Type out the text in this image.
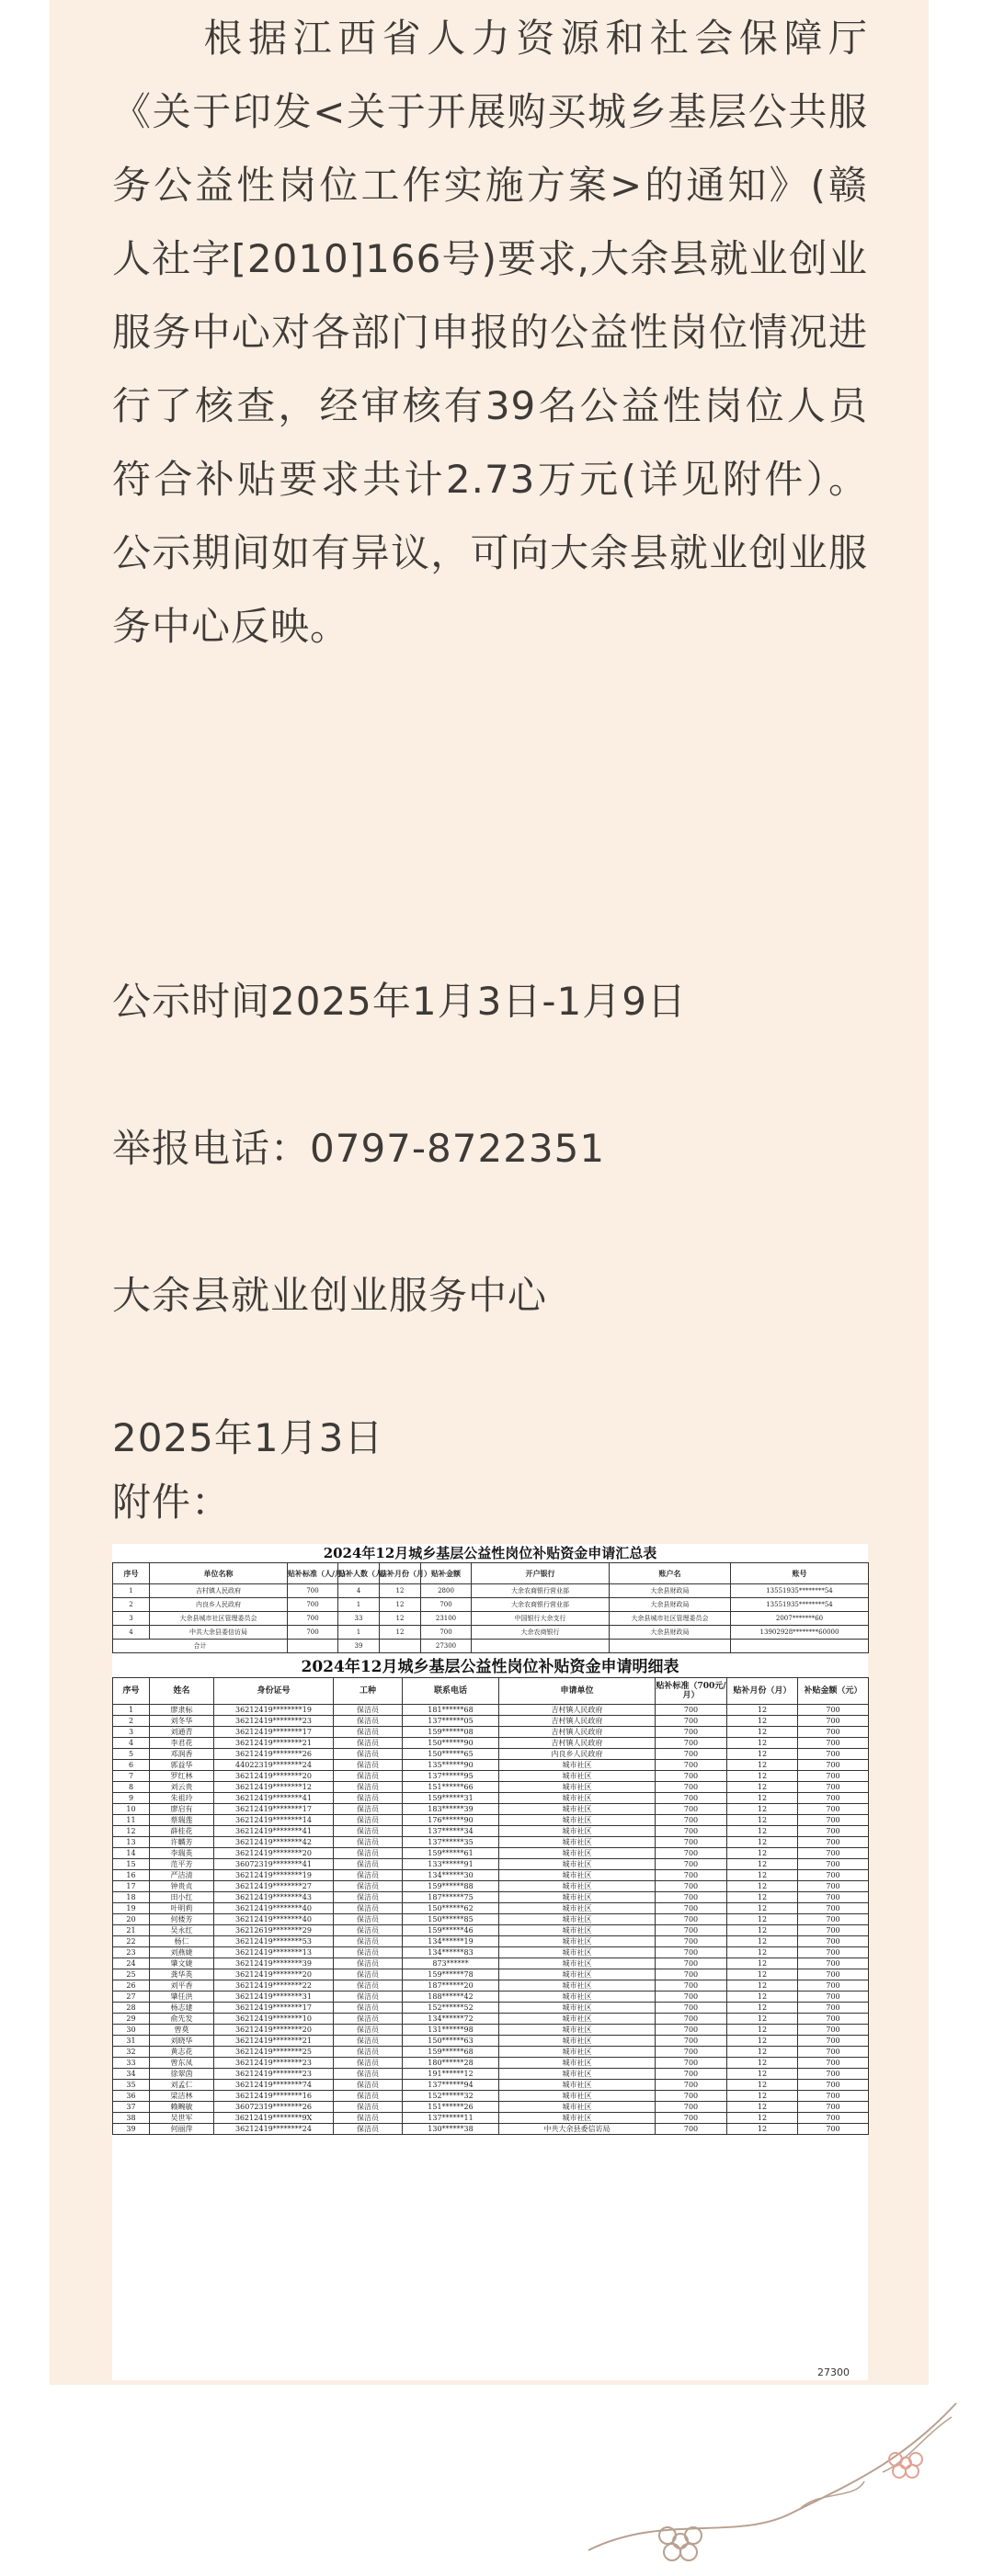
根据江西省人力资源和社会保障厅《关于印发<关于开展购买城乡基层公共服务公益性岗位工作实施方案>的通知》(赣人社字[2010]166号)要求,大余县就业创业服务中心对各部门申报的公益性岗位情况进行了核查，经审核有39名公益性岗位人员符合补贴要求共计2.73万元(详见附件）。公示期间如有异议，可向大余县就业创业服务中心反映。
公示时间2025年1月3日-1月9日
举报电话：0797-8722351
大余县就业创业服务中心
2025年1月3日
附件：
2024年12月城乡基层公益性岗位补贴资金申请汇总表
序号	单位名称	贴补标准（人/月）	贴补人数（人）	贴补月份（月）	贴补金额	开户银行	账户名	账号
1	吉村镇人民政府	700	4	12	2800	大余农商银行营业部	大余县财政局	13551935********54
2	内良乡人民政府	700	1	12	700	大余农商银行营业部	大余县财政局	13551935********54
3	大余县城市社区管理委员会	700	33	12	23100	中国银行大余支行	大余县城市社区管理委员会	2007*******60
4	中共大余县委信访局	700	1	12	700	大余农商银行	大余县财政局	13902928********60000
合计			39		27300			
2024年12月城乡基层公益性岗位补贴资金申请明细表
序号	姓名	身份证号	工种	联系电话	申请单位	贴补标准（700元/月）	贴补月份（月）	补贴金额（元）
1	廖隶标	36212419********19	保洁员	181******68	吉村镇人民政府	700	12	700
2	刘冬华	36212419********23	保洁员	137******05	吉村镇人民政府	700	12	700
3	刘通青	36212419********17	保洁员	159******08	吉村镇人民政府	700	12	700
4	李君花	36212419********21	保洁员	150******90	吉村镇人民政府	700	12	700
5	邓润香	36212419********26	保洁员	150******65	内良乡人民政府	700	12	700
6	郭益华	44022319********24	保洁员	135******90	城市社区	700	12	700
7	罗红林	36212419********20	保洁员	137******95	城市社区	700	12	700
8	刘云贵	36212419********12	保洁员	151******66	城市社区	700	12	700
9	朱祖玲	36212419********41	保洁员	159******31	城市社区	700	12	700
10	廖启有	36212419********17	保洁员	183******39	城市社区	700	12	700
11	蔡瑞莲	36212419********14	保洁员	176******90	城市社区	700	12	700
12	薛桂花	36212419********41	保洁员	137******34	城市社区	700	12	700
13	许麟芳	36212419********42	保洁员	137******35	城市社区	700	12	700
14	李瑞英	36212419********20	保洁员	159******61	城市社区	700	12	700
15	范平芳	36072319********41	保洁员	133******91	城市社区	700	12	700
16	严洁清	36212419********19	保洁员	134******30	城市社区	700	12	700
17	钟贵贞	36212419********27	保洁员	159******88	城市社区	700	12	700
18	田小红	36212419********43	保洁员	187******75	城市社区	700	12	700
19	叶明莉	36212419********40	保洁员	150******62	城市社区	700	12	700
20	何楼芳	36212419********40	保洁员	150******85	城市社区	700	12	700
21	吴永红	36212619********29	保洁员	159******46	城市社区	700	12	700
22	杨仁	36212419********53	保洁员	134******19	城市社区	700	12	700
23	刘燕婕	36212419********13	保洁员	134******83	城市社区	700	12	700
24	肇文婕	36212419********39	保洁员	873******	城市社区	700	12	700
25	龚华英	36212419********20	保洁员	159******78	城市社区	700	12	700
26	刘平香	36212419********22	保洁员	187******20	城市社区	700	12	700
27	肇任洪	36212419********31	保洁员	188******42	城市社区	700	12	700
28	杨志建	36212419********17	保洁员	152******52	城市社区	700	12	700
29	俞先发	36212419********10	保洁员	134******72	城市社区	700	12	700
30	曾莫	36212419********20	保洁员	131******98	城市社区	700	12	700
31	刘晓华	36212419********21	保洁员	150******63	城市社区	700	12	700
32	黄志花	36212419********25	保洁员	159******68	城市社区	700	12	700
33	曾东凤	36212419********23	保洁员	180******28	城市社区	700	12	700
34	徐翠茵	36212419********23	保洁员	191******12	城市社区	700	12	700
35	刘孟仁	36212419********74	保洁员	137******94	城市社区	700	12	700
36	梁洁林	36212419********16	保洁员	152******32	城市社区	700	12	700
37	赖畹敏	36072319********26	保洁员	151******26	城市社区	700	12	700
38	吴世军	36212419********9X	保洁员	137******11	城市社区	700	12	700
39	何丽萍	36212419********24	保洁员	130******38	中共大余县委信访局	700	12	700
27300
